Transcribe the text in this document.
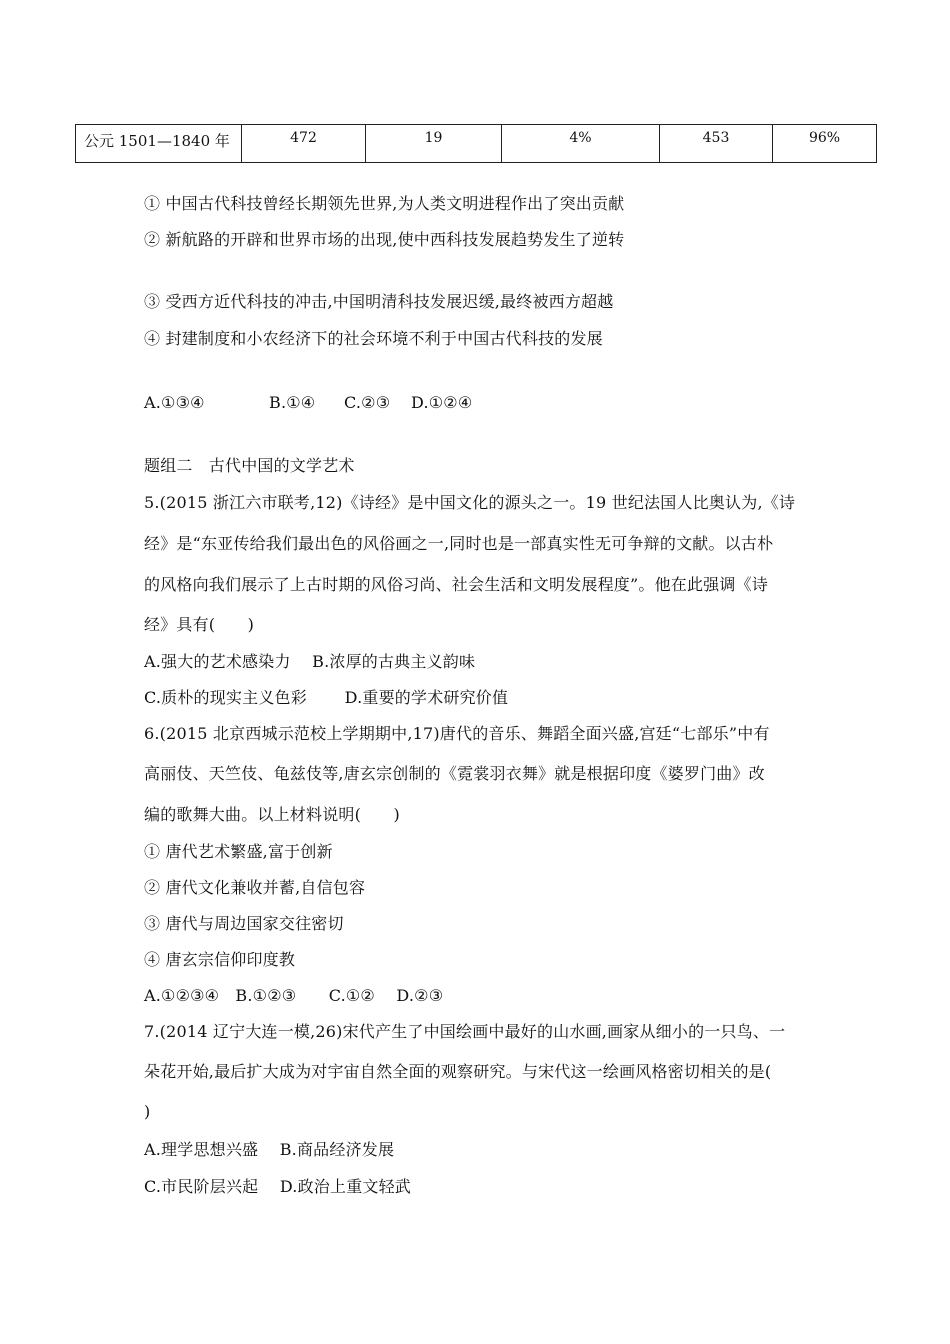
公元 1501—1840 年	472	19	4%	453	96%
① 中国古代科技曾经长期领先世界,为人类文明进程作出了突出贡献
② 新航路的开辟和世界市场的出现,使中西科技发展趋势发生了逆转
③ 受西方近代科技的冲击,中国明清科技发展迟缓,最终被西方超越
④ 封建制度和小农经济下的社会环境不利于中国古代科技的发展
A.①③④	B.①④ C.②③ D.①②④
题组二　古代中国的文学艺术
5.(2015 浙江六市联考,12)《诗经》是中国文化的源头之一。19 世纪法国人比奥认为,《诗
经》是“东亚传给我们最出色的风俗画之一,同时也是一部真实性无可争辩的文献。以古朴
的风格向我们展示了上古时期的风俗习尚、社会生活和文明发展程度”。他在此强调《诗
经》具有(　　)
A.强大的艺术感染力　 B.浓厚的古典主义韵味
C.质朴的现实主义色彩　　 D.重要的学术研究价值
6.(2015 北京西城示范校上学期期中,17)唐代的音乐、舞蹈全面兴盛,宫廷“七部乐”中有
高丽伎、天竺伎、龟兹伎等,唐玄宗创制的《霓裳羽衣舞》就是根据印度《婆罗门曲》改
编的歌舞大曲。以上材料说明(　　)
① 唐代艺术繁盛,富于创新
② 唐代文化兼收并蓄,自信包容
③ 唐代与周边国家交往密切
④ 唐玄宗信仰印度教
A.①②③④　B.①②③　　C.①②　 D.②③
7.(2014 辽宁大连一模,26)宋代产生了中国绘画中最好的山水画,画家从细小的一只鸟、一
朵花开始,最后扩大成为对宇宙自然全面的观察研究。与宋代这一绘画风格密切相关的是(
)
A.理学思想兴盛　 B.商品经济发展
C.市民阶层兴起　 D.政治上重文轻武
